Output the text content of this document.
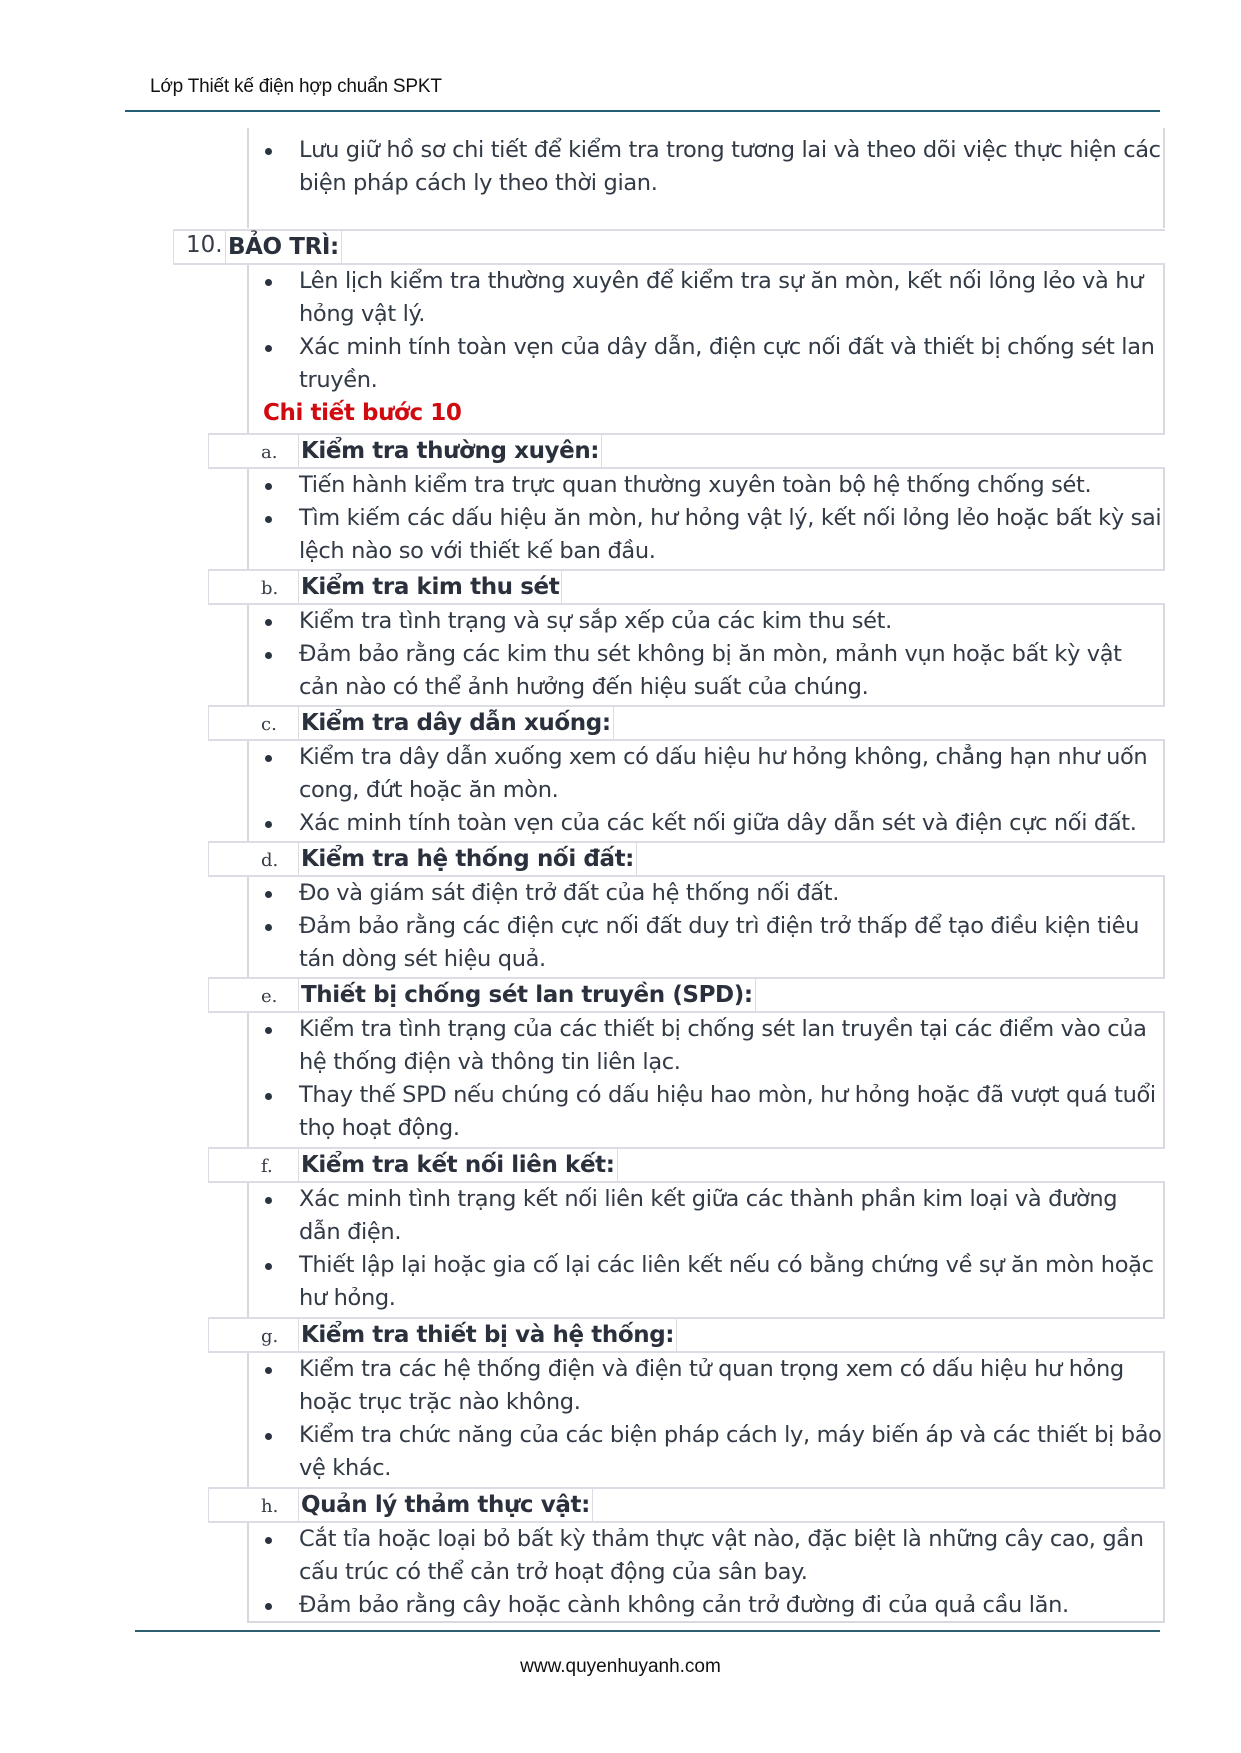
Lớp Thiết kế điện hợp chuẩn SPKT
Lưu giữ hồ sơ chi tiết để kiểm tra trong tương lai và theo dõi việc thực hiện các biện pháp cách ly theo thời gian.
10. BẢO TRÌ:
Lên lịch kiểm tra thường xuyên để kiểm tra sự ăn mòn, kết nối lỏng lẻo và hư hỏng vật lý.
Xác minh tính toàn vẹn của dây dẫn, điện cực nối đất và thiết bị chống sét lan truyền.
Chi tiết bước 10
a. Kiểm tra thường xuyên:
Tiến hành kiểm tra trực quan thường xuyên toàn bộ hệ thống chống sét.
Tìm kiếm các dấu hiệu ăn mòn, hư hỏng vật lý, kết nối lỏng lẻo hoặc bất kỳ sai lệch nào so với thiết kế ban đầu.
b. Kiểm tra kim thu sét
Kiểm tra tình trạng và sự sắp xếp của các kim thu sét.
Đảm bảo rằng các kim thu sét không bị ăn mòn, mảnh vụn hoặc bất kỳ vật cản nào có thể ảnh hưởng đến hiệu suất của chúng.
c. Kiểm tra dây dẫn xuống:
Kiểm tra dây dẫn xuống xem có dấu hiệu hư hỏng không, chẳng hạn như uốn cong, đứt hoặc ăn mòn.
Xác minh tính toàn vẹn của các kết nối giữa dây dẫn sét và điện cực nối đất.
d. Kiểm tra hệ thống nối đất:
Đo và giám sát điện trở đất của hệ thống nối đất.
Đảm bảo rằng các điện cực nối đất duy trì điện trở thấp để tạo điều kiện tiêu tán dòng sét hiệu quả.
e. Thiết bị chống sét lan truyền (SPD):
Kiểm tra tình trạng của các thiết bị chống sét lan truyền tại các điểm vào của hệ thống điện và thông tin liên lạc.
Thay thế SPD nếu chúng có dấu hiệu hao mòn, hư hỏng hoặc đã vượt quá tuổi thọ hoạt động.
f. Kiểm tra kết nối liên kết:
Xác minh tình trạng kết nối liên kết giữa các thành phần kim loại và đường dẫn điện.
Thiết lập lại hoặc gia cố lại các liên kết nếu có bằng chứng về sự ăn mòn hoặc hư hỏng.
g. Kiểm tra thiết bị và hệ thống:
Kiểm tra các hệ thống điện và điện tử quan trọng xem có dấu hiệu hư hỏng hoặc trục trặc nào không.
Kiểm tra chức năng của các biện pháp cách ly, máy biến áp và các thiết bị bảo vệ khác.
h. Quản lý thảm thực vật:
Cắt tỉa hoặc loại bỏ bất kỳ thảm thực vật nào, đặc biệt là những cây cao, gần cấu trúc có thể cản trở hoạt động của sân bay.
Đảm bảo rằng cây hoặc cành không cản trở đường đi của quả cầu lăn.
www.quyenhuyanh.com
